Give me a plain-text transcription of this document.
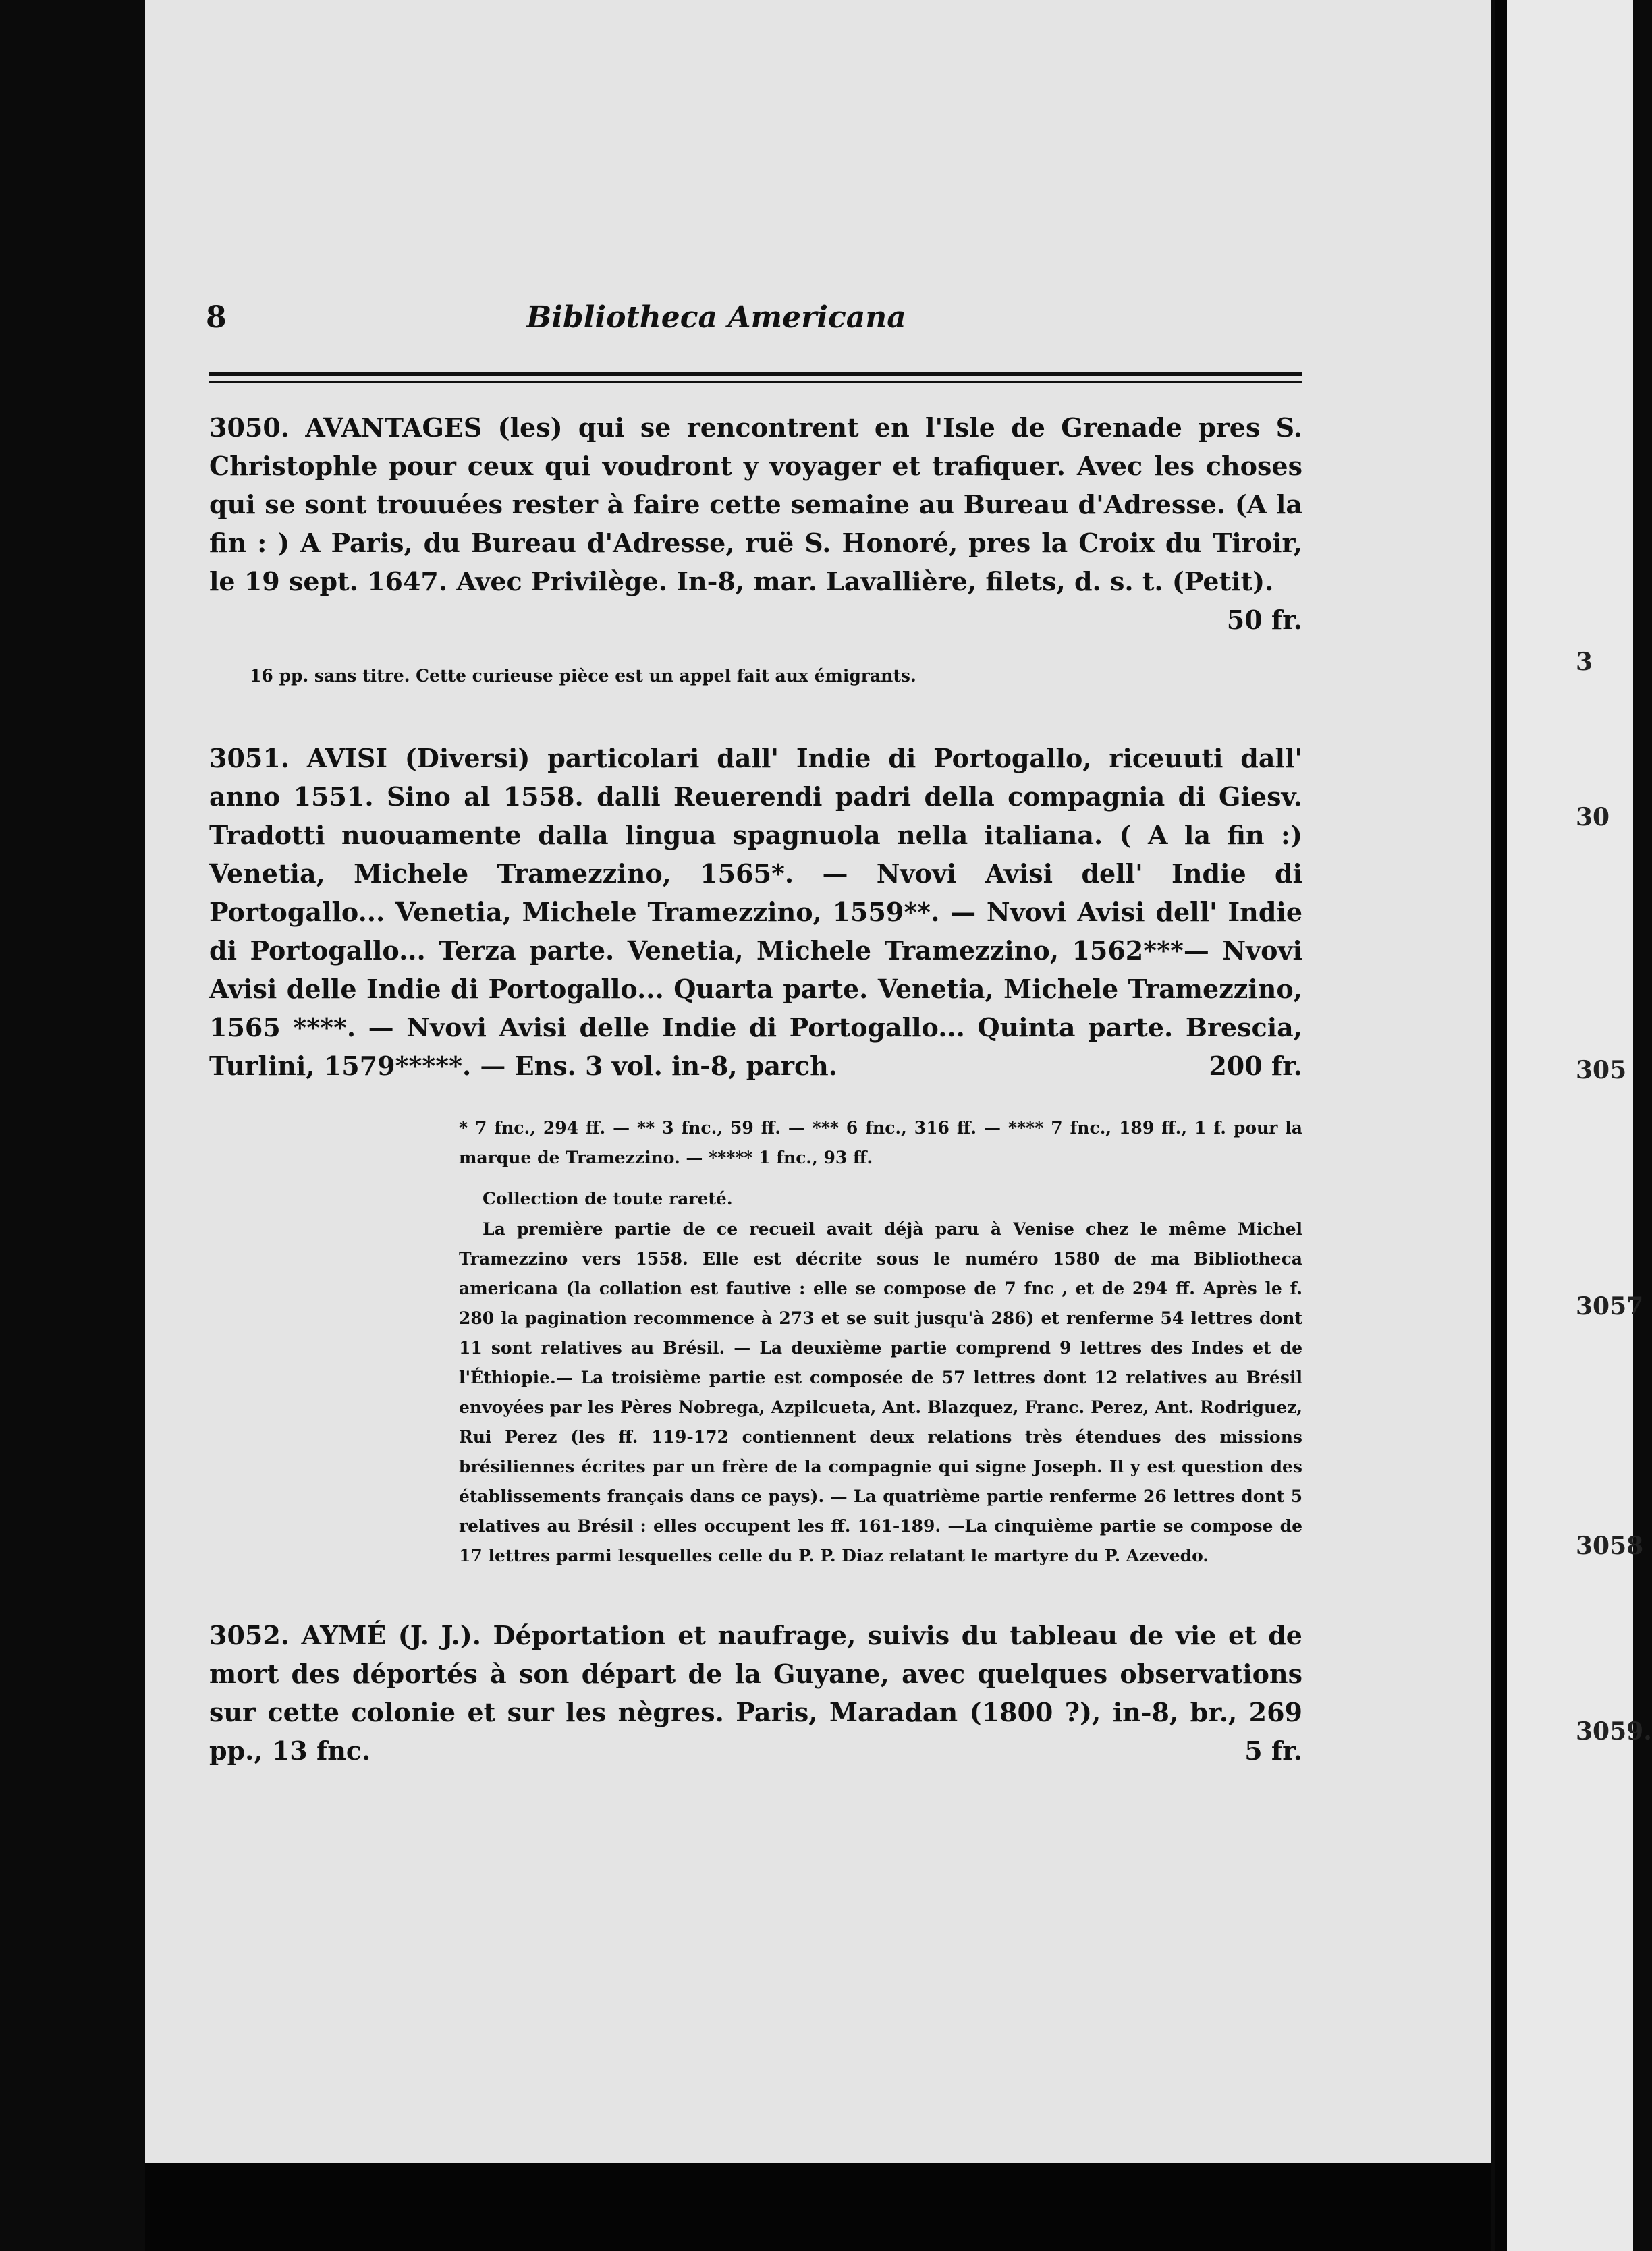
3
30
305
3057
3058
3059.
8	Bibliotheca Americana
3050. AVANTAGES (les) qui se rencontrent en l'Isle de Grenade pres S. Christophle pour ceux qui voudront y voyager et trafiquer. Avec les choses qui se sont trouuées rester à faire cette semaine au Bureau d'Adresse. (A la fin : ) A Paris, du Bureau d'Adresse, ruë S. Honoré, pres la Croix du Tiroir, le 19 sept. 1647. Avec Privilège. In-8, mar. Lavallière, filets, d. s. t. (Petit).
50 fr.
16 pp. sans titre. Cette curieuse pièce est un appel fait aux émigrants.
3051. AVISI (Diversi) particolari dall' Indie di Portogallo, riceuuti dall' anno 1551. Sino al 1558. dalli Reuerendi padri della compagnia di Giesv. Tradotti nuouamente dalla lingua spagnuola nella italiana. ( A la fin :) Venetia, Michele Tramezzino, 1565*. — Nvovi Avisi dell' Indie di Portogallo... Venetia, Michele Tramezzino, 1559**. — Nvovi Avisi dell' Indie di Portogallo... Terza parte. Venetia, Michele Tramezzino, 1562***— Nvovi Avisi delle Indie di Portogallo... Quarta parte. Venetia, Michele Tramezzino, 1565 ****. — Nvovi Avisi delle Indie di Portogallo... Quinta parte. Brescia, Turlini, 1579*****. — Ens. 3 vol. in-8, parch.	200 fr.
* 7 fnc., 294 ff. — ** 3 fnc., 59 ff. — *** 6 fnc., 316 ff. — **** 7 fnc., 189 ff., 1 f. pour la marque de Tramezzino. — ***** 1 fnc., 93 ff.
Collection de toute rareté.
La première partie de ce recueil avait déjà paru à Venise chez le même Michel Tramezzino vers 1558. Elle est décrite sous le numéro 1580 de ma Bibliotheca americana (la collation est fautive : elle se compose de 7 fnc , et de 294 ff. Après le f. 280 la pagination recommence à 273 et se suit jusqu'à 286) et renferme 54 lettres dont 11 sont relatives au Brésil. — La deuxième partie comprend 9 lettres des Indes et de l'Éthiopie.— La troisième partie est composée de 57 lettres dont 12 relatives au Brésil envoyées par les Pères Nobrega, Azpilcueta, Ant. Blazquez, Franc. Perez, Ant. Rodriguez, Rui Perez (les ff. 119-172 contiennent deux relations très étendues des missions brésiliennes écrites par un frère de la compagnie qui signe Joseph. Il y est question des établissements français dans ce pays). — La quatrième partie renferme 26 lettres dont 5 relatives au Brésil : elles occupent les ff. 161-189. —La cinquième partie se compose de 17 lettres parmi lesquelles celle du P. P. Diaz relatant le martyre du P. Azevedo.
3052. AYMÉ (J. J.). Déportation et naufrage, suivis du tableau de vie et de mort des déportés à son départ de la Guyane, avec quelques observations sur cette colonie et sur les nègres. Paris, Maradan (1800 ?), in-8, br., 269 pp., 13 fnc.	5 fr.
